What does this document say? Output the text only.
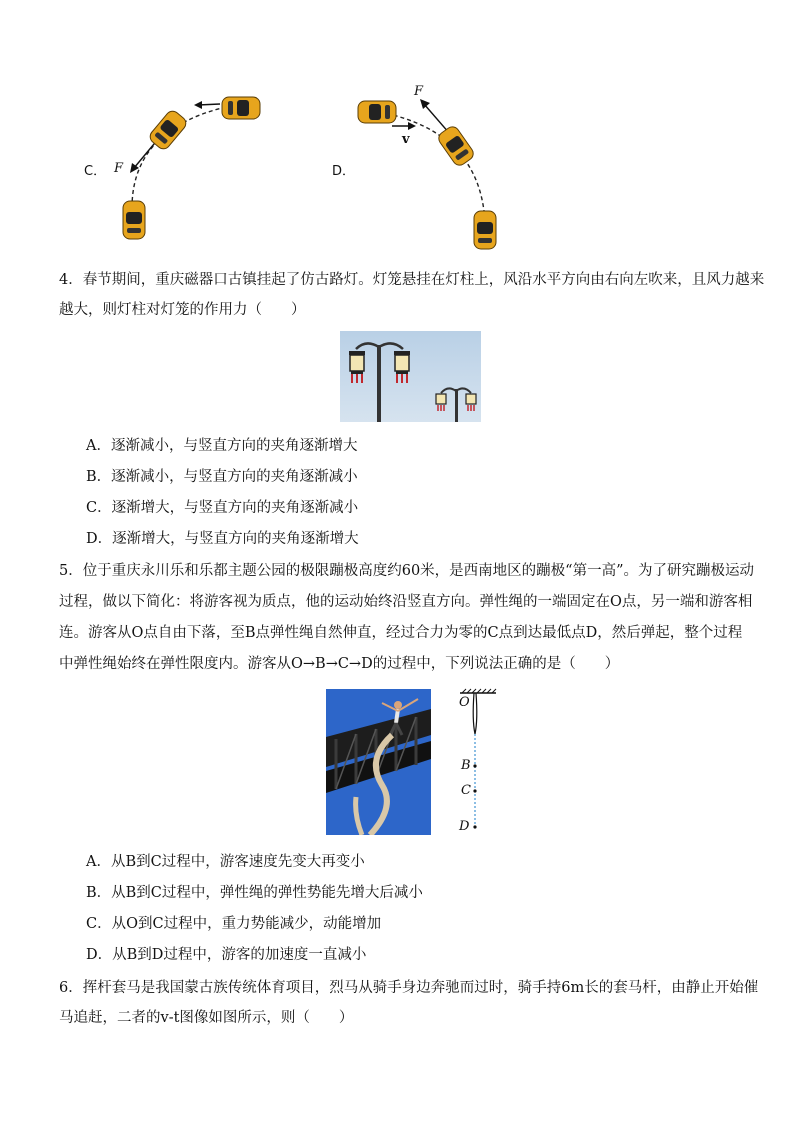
C． F	D．
F
v
4．春节期间，重庆磁器口古镇挂起了仿古路灯。灯笼悬挂在灯柱上，风沿水平方向由右向左吹来，且风力越来
越大，则灯柱对灯笼的作用力（　　）
A．逐渐减小，与竖直方向的夹角逐渐增大
B．逐渐减小，与竖直方向的夹角逐渐减小
C．逐渐增大，与竖直方向的夹角逐渐减小
D．逐渐增大，与竖直方向的夹角逐渐增大
5．位于重庆永川乐和乐都主题公园的极限蹦极高度约60米，是西南地区的蹦极“第一高”。为了研究蹦极运动
过程，做以下简化：将游客视为质点，他的运动始终沿竖直方向。弹性绳的一端固定在O点，另一端和游客相
连。游客从O点自由下落，至B点弹性绳自然伸直，经过合力为零的C点到达最低点D，然后弹起，整个过程
中弹性绳始终在弹性限度内。游客从O→B→C→D的过程中，下列说法正确的是（　　）
O
B
C
D
A．从B到C过程中，游客速度先变大再变小
B．从B到C过程中，弹性绳的弹性势能先增大后减小
C．从O到C过程中，重力势能减少，动能增加
D．从B到D过程中，游客的加速度一直减小
6．挥杆套马是我国蒙古族传统体育项目，烈马从骑手身边奔驰而过时，骑手持6m长的套马杆，由静止开始催
马追赶，二者的v-t图像如图所示，则（　　）
